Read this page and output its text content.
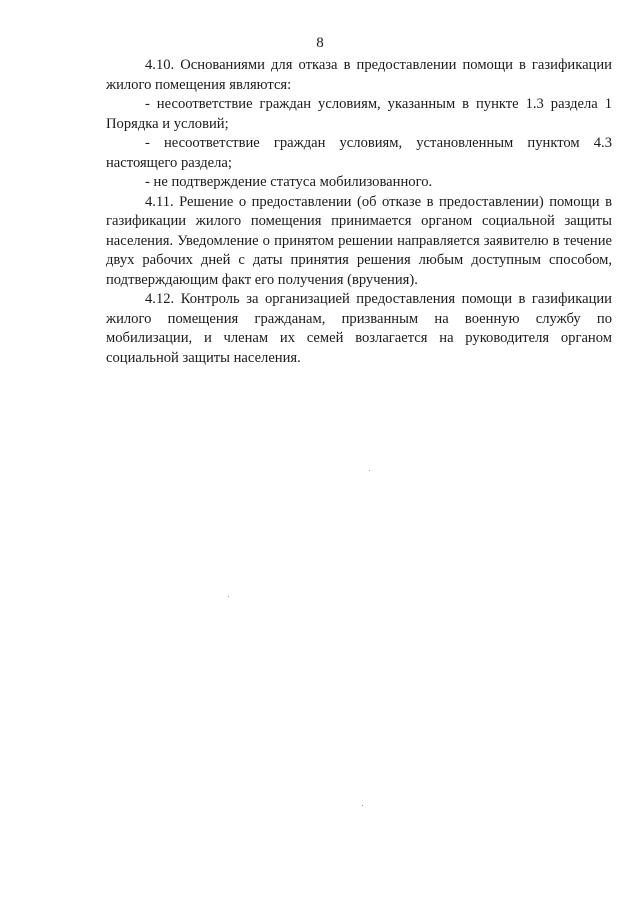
8

4.10. Основаниями для отказа в предоставлении помощи в газификации жилого помещения являются:

- несоответствие граждан условиям, указанным в пункте 1.3 раздела 1 Порядка и условий;

- несоответствие граждан условиям, установленным пунктом 4.3 настоящего раздела;

- не подтверждение статуса мобилизованного.

4.11. Решение о предоставлении (об отказе в предоставлении) помощи в газификации жилого помещения принимается органом социальной защиты населения. Уведомление о принятом решении направляется заявителю в течение двух рабочих дней с даты принятия решения любым доступным способом, подтверждающим факт его получения (вручения).

4.12. Контроль за организацией предоставления помощи в газификации жилого помещения гражданам, призванным на военную службу по мобилизации, и членам их семей возлагается на руководителя органом социальной защиты населения.
